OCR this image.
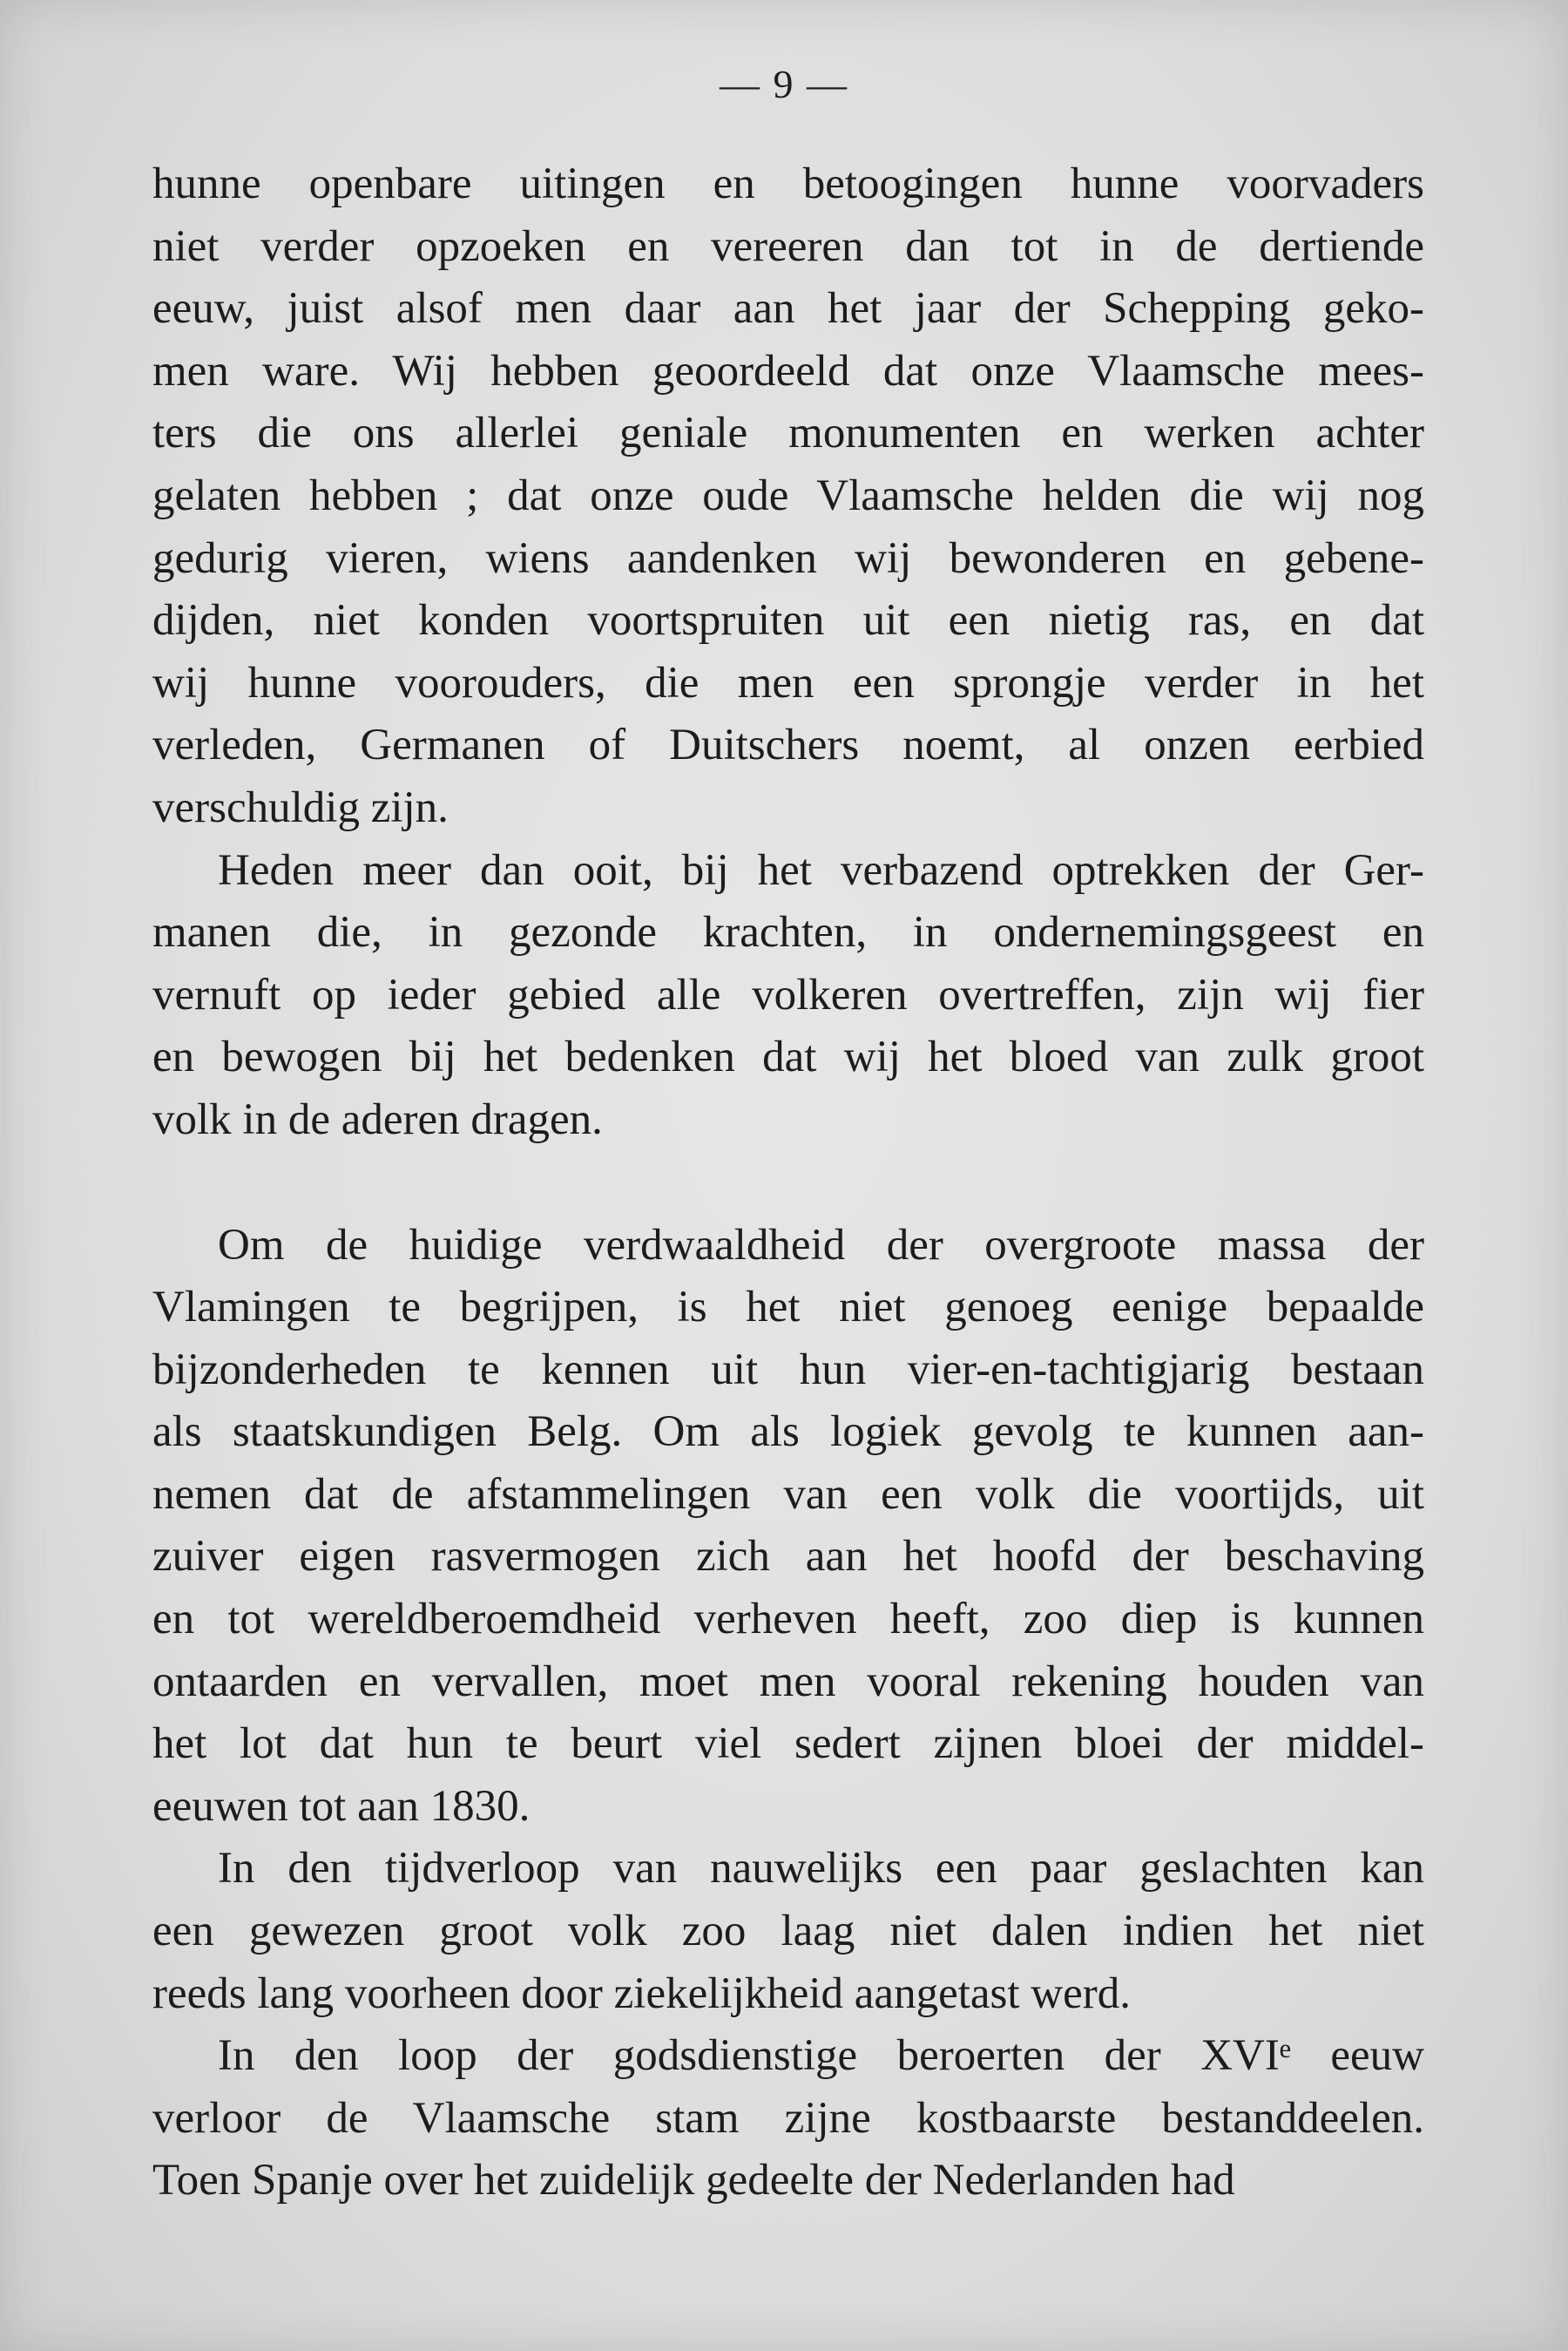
— 9 —
hunne openbare uitingen en betoogingen hunne voorvaders
niet verder opzoeken en vereeren dan tot in de dertiende
eeuw, juist alsof men daar aan het jaar der Schepping geko-
men ware. Wij hebben geoordeeld dat onze Vlaamsche mees-
ters die ons allerlei geniale monumenten en werken achter
gelaten hebben ; dat onze oude Vlaamsche helden die wij nog
gedurig vieren, wiens aandenken wij bewonderen en gebene-
dijden, niet konden voortspruiten uit een nietig ras, en dat
wij hunne voorouders, die men een sprongje verder in het
verleden, Germanen of Duitschers noemt, al onzen eerbied
verschuldig zijn.
Heden meer dan ooit, bij het verbazend optrekken der Ger-
manen die, in gezonde krachten, in ondernemingsgeest en
vernuft op ieder gebied alle volkeren overtreffen, zijn wij fier
en bewogen bij het bedenken dat wij het bloed van zulk groot
volk in de aderen dragen.
Om de huidige verdwaaldheid der overgroote massa der
Vlamingen te begrijpen, is het niet genoeg eenige bepaalde
bijzonderheden te kennen uit hun vier-en-tachtigjarig bestaan
als staatskundigen Belg. Om als logiek gevolg te kunnen aan-
nemen dat de afstammelingen van een volk die voortijds, uit
zuiver eigen rasvermogen zich aan het hoofd der beschaving
en tot wereldberoemdheid verheven heeft, zoo diep is kunnen
ontaarden en vervallen, moet men vooral rekening houden van
het lot dat hun te beurt viel sedert zijnen bloei der middel-
eeuwen tot aan 1830.
In den tijdverloop van nauwelijks een paar geslachten kan
een gewezen groot volk zoo laag niet dalen indien het niet
reeds lang voorheen door ziekelijkheid aangetast werd.
In den loop der godsdienstige beroerten der XVIᵉ eeuw
verloor de Vlaamsche stam zijne kostbaarste bestanddeelen.
Toen Spanje over het zuidelijk gedeelte der Nederlanden had
